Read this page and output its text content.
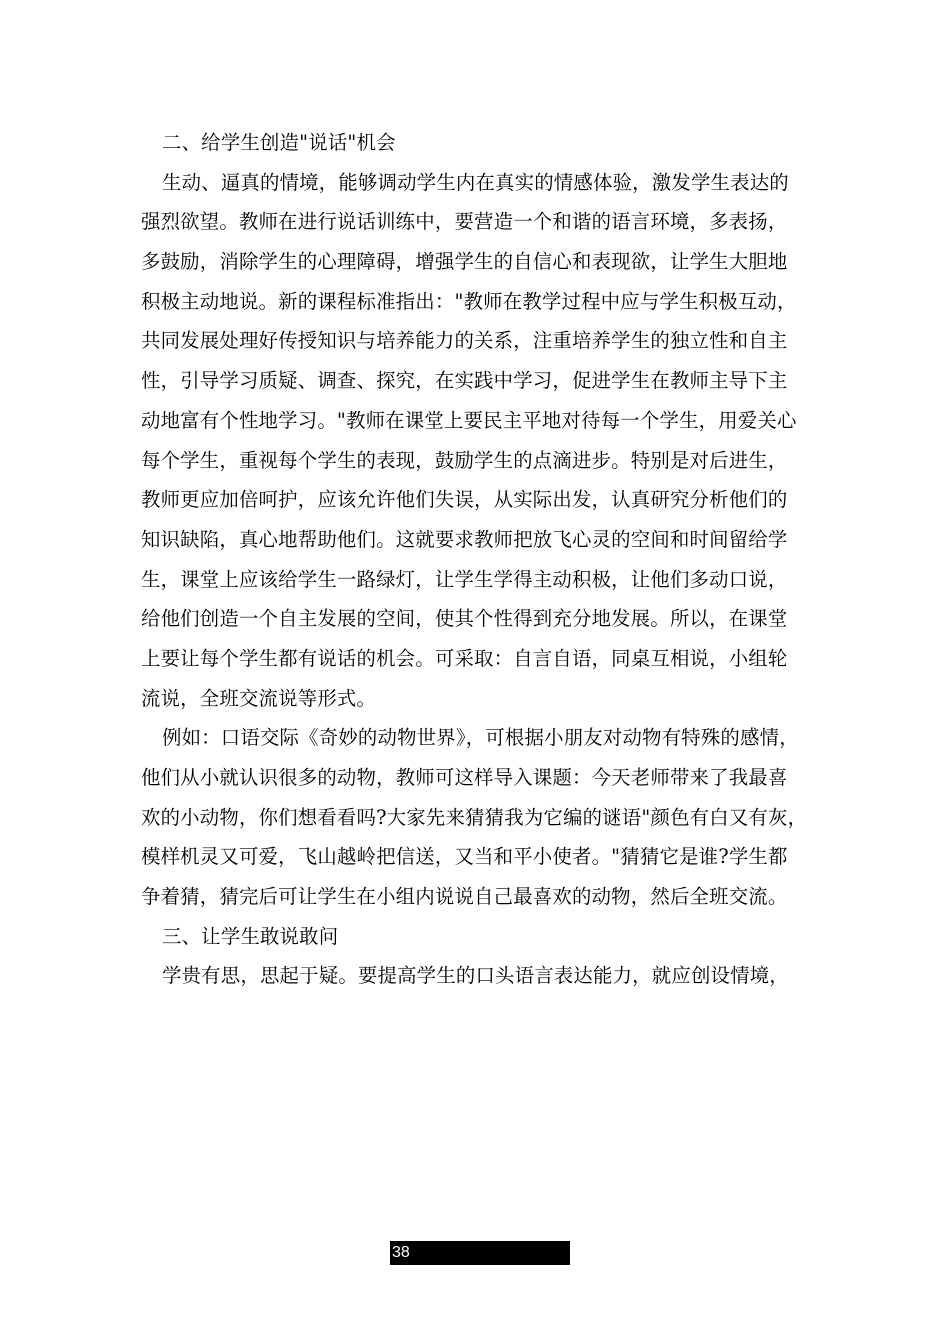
二、给学生创造"说话"机会
生动、逼真的情境，能够调动学生内在真实的情感体验，激发学生表达的
强烈欲望。教师在进行说话训练中，要营造一个和谐的语言环境，多表扬，
多鼓励，消除学生的心理障碍，增强学生的自信心和表现欲，让学生大胆地
积极主动地说。新的课程标准指出："教师在教学过程中应与学生积极互动，
共同发展处理好传授知识与培养能力的关系，注重培养学生的独立性和自主
性，引导学习质疑、调查、探究，在实践中学习，促进学生在教师主导下主
动地富有个性地学习。"教师在课堂上要民主平地对待每一个学生，用爱关心
每个学生，重视每个学生的表现，鼓励学生的点滴进步。特别是对后进生，
教师更应加倍呵护，应该允许他们失误，从实际出发，认真研究分析他们的
知识缺陷，真心地帮助他们。这就要求教师把放飞心灵的空间和时间留给学
生，课堂上应该给学生一路绿灯，让学生学得主动积极，让他们多动口说，
给他们创造一个自主发展的空间，使其个性得到充分地发展。所以，在课堂
上要让每个学生都有说话的机会。可采取：自言自语，同桌互相说，小组轮
流说，全班交流说等形式。
例如：口语交际《奇妙的动物世界》，可根据小朋友对动物有特殊的感情，
他们从小就认识很多的动物，教师可这样导入课题：今天老师带来了我最喜
欢的小动物，你们想看看吗?大家先来猜猜我为它编的谜语"颜色有白又有灰，
模样机灵又可爱，飞山越岭把信送，又当和平小使者。"猜猜它是谁?学生都
争着猜，猜完后可让学生在小组内说说自己最喜欢的动物，然后全班交流。
三、让学生敢说敢问
学贵有思，思起于疑。要提高学生的口头语言表达能力，就应创设情境，
38
